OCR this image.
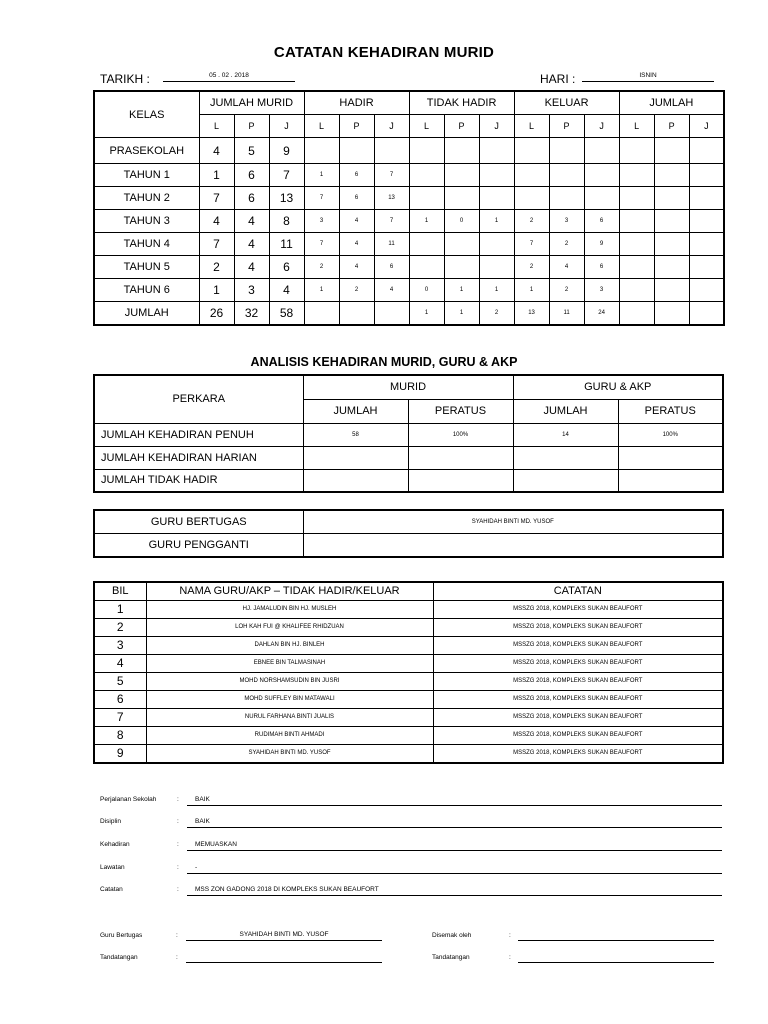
CATATAN KEHADIRAN MURID
TARIKH :	05 . 02 . 2018	HARI :	ISNIN
KELAS	JUMLAH MURID			HADIR			TIDAK HADIR			KELUAR			JUMLAH		
	L	P	J	L	P	J	L	P	J	L	P	J	L	P	J
PRASEKOLAH	4	5	9												
TAHUN 1	1	6	7	1	6	7									
TAHUN 2	7	6	13	7	6	13									
TAHUN 3	4	4	8	3	4	7	1	0	1	2	3	6			
TAHUN 4	7	4	11	7	4	11				7	2	9			
TAHUN 5	2	4	6	2	4	6				2	4	6			
TAHUN 6	1	3	4	1	2	4	0	1	1	1	2	3			
JUMLAH	26	32	58				1	1	2	13	11	24			
ANALISIS KEHADIRAN MURID, GURU & AKP
PERKARA	MURID		GURU & AKP	
	JUMLAH	PERATUS	JUMLAH	PERATUS
JUMLAH KEHADIRAN PENUH	58	100%	14	100%
JUMLAH KEHADIRAN HARIAN				
JUMLAH TIDAK HADIR				
GURU BERTUGAS	SYAHIDAH BINTI MD. YUSOF
GURU PENGGANTI	
BIL	NAMA GURU/AKP – TIDAK HADIR/KELUAR	CATATAN
1	HJ. JAMALUDIN BIN HJ. MUSLEH	MSSZG 2018, KOMPLEKS SUKAN BEAUFORT
2	LOH KAH FUI @ KHALIFEE RHIDZUAN	MSSZG 2018, KOMPLEKS SUKAN BEAUFORT
3	DAHLAN BIN HJ. BINLEH	MSSZG 2018, KOMPLEKS SUKAN BEAUFORT
4	EBNEE BIN TALMASINAH	MSSZG 2018, KOMPLEKS SUKAN BEAUFORT
5	MOHD NORSHAMSUDIN BIN JUSRI	MSSZG 2018, KOMPLEKS SUKAN BEAUFORT
6	MOHD SUFFLEY BIN MATAWALI	MSSZG 2018, KOMPLEKS SUKAN BEAUFORT
7	NURUL FARHANA BINTI JUALIS	MSSZG 2018, KOMPLEKS SUKAN BEAUFORT
8	RUDIMAH BINTI AHMADI	MSSZG 2018, KOMPLEKS SUKAN BEAUFORT
9	SYAHIDAH BINTI MD. YUSOF	MSSZG 2018, KOMPLEKS SUKAN BEAUFORT
Perjalanan Sekolah	:	BAIK
Disiplin	:	BAIK
Kehadiran	:	MEMUASKAN
Lawatan	:	-
Catatan	:	MSS ZON GADONG 2018 DI KOMPLEKS SUKAN BEAUFORT
Guru Bertugas	:	SYAHIDAH BINTI MD. YUSOF	Disemak oleh	:
Tandatangan	:	Tandatangan	:
